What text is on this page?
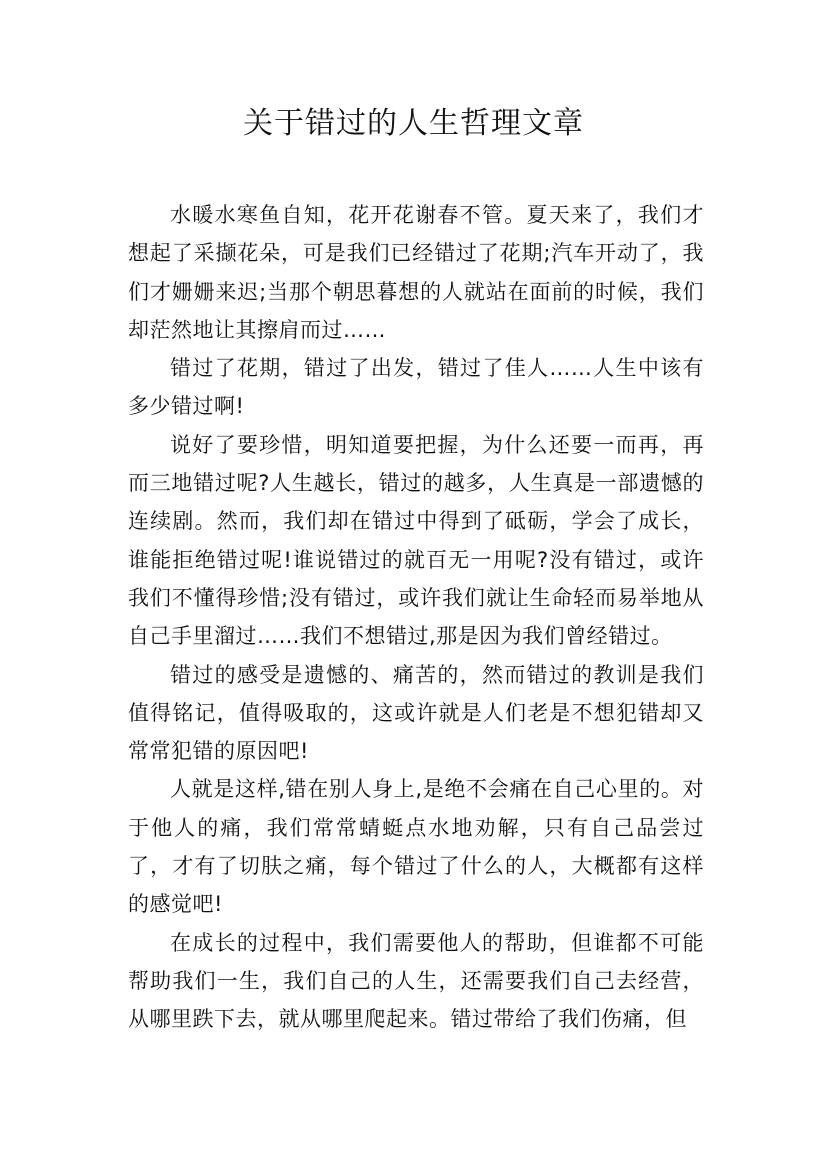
关于错过的人生哲理文章

水暖水寒鱼自知，花开花谢春不管。夏天来了，我们才想起了采撷花朵，可是我们已经错过了花期;汽车开动了，我们才姗姗来迟;当那个朝思暮想的人就站在面前的时候，我们却茫然地让其擦肩而过……

错过了花期，错过了出发，错过了佳人……人生中该有多少错过啊!

说好了要珍惜，明知道要把握，为什么还要一而再，再而三地错过呢?人生越长，错过的越多，人生真是一部遗憾的连续剧。然而，我们却在错过中得到了砥砺，学会了成长，谁能拒绝错过呢!谁说错过的就百无一用呢?没有错过，或许我们不懂得珍惜;没有错过，或许我们就让生命轻而易举地从自己手里溜过……我们不想错过,那是因为我们曾经错过。

错过的感受是遗憾的、痛苦的，然而错过的教训是我们值得铭记，值得吸取的，这或许就是人们老是不想犯错却又常常犯错的原因吧!

人就是这样,错在别人身上,是绝不会痛在自己心里的。对于他人的痛，我们常常蜻蜓点水地劝解，只有自己品尝过了，才有了切肤之痛，每个错过了什么的人，大概都有这样的感觉吧!

在成长的过程中，我们需要他人的帮助，但谁都不可能帮助我们一生，我们自己的人生，还需要我们自己去经营，从哪里跌下去，就从哪里爬起来。错过带给了我们伤痛，但
